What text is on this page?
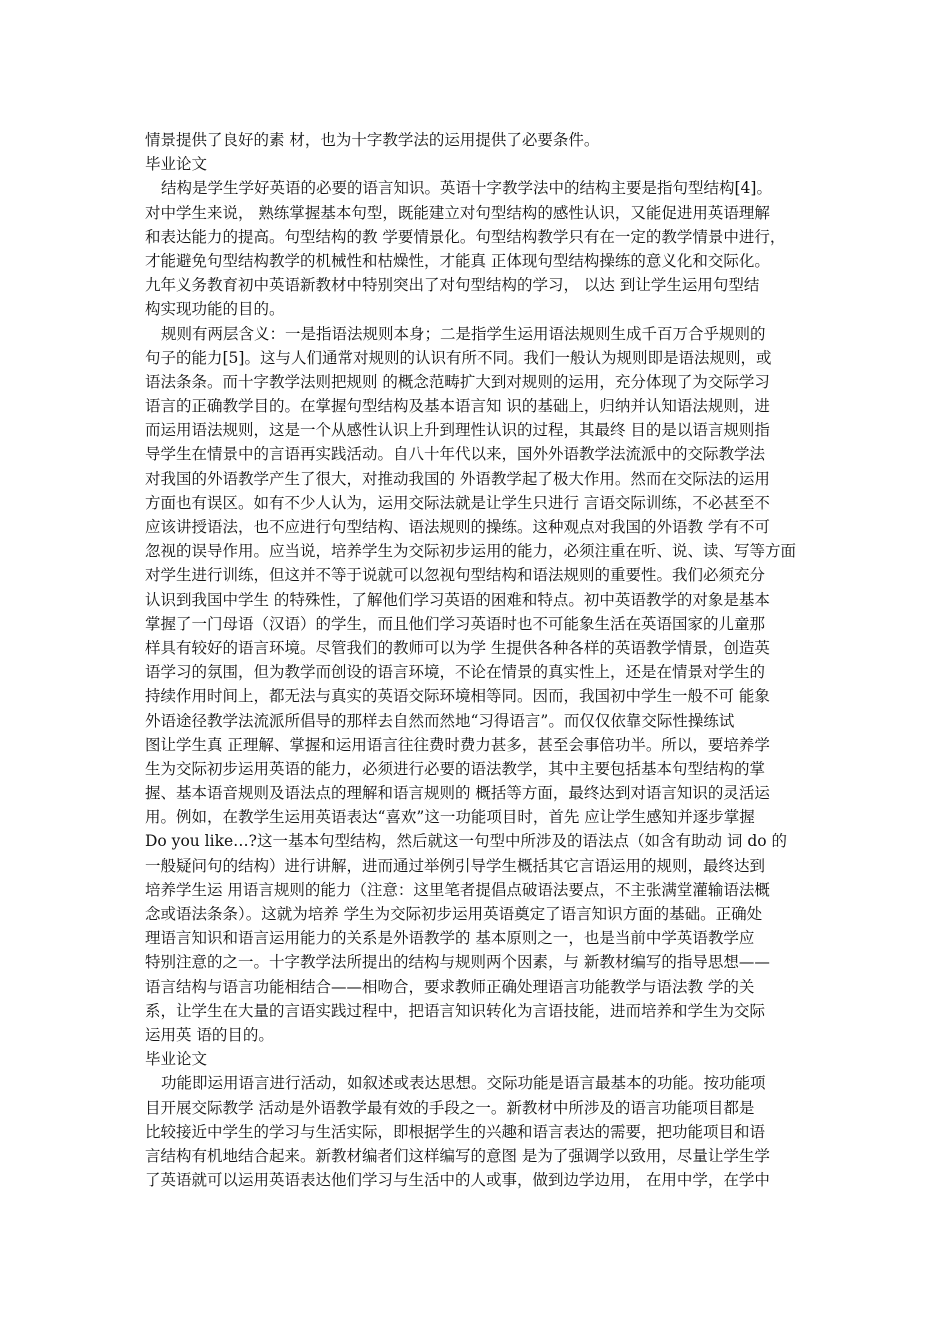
情景提供了良好的素 材，也为十字教学法的运用提供了必要条件。
毕业论文
结构是学生学好英语的必要的语言知识。英语十字教学法中的结构主要是指句型结构[4]。
对中学生来说， 熟练掌握基本句型，既能建立对句型结构的感性认识，又能促进用英语理解
和表达能力的提高。句型结构的教 学要情景化。句型结构教学只有在一定的教学情景中进行，
才能避免句型结构教学的机械性和枯燥性，才能真 正体现句型结构操练的意义化和交际化。
九年义务教育初中英语新教材中特别突出了对句型结构的学习， 以达 到让学生运用句型结
构实现功能的目的。
规则有两层含义：一是指语法规则本身；二是指学生运用语法规则生成千百万合乎规则的
句子的能力[5]。这与人们通常对规则的认识有所不同。我们一般认为规则即是语法规则，或
语法条条。而十字教学法则把规则 的概念范畴扩大到对规则的运用，充分体现了为交际学习
语言的正确教学目的。在掌握句型结构及基本语言知 识的基础上，归纳并认知语法规则，进
而运用语法规则，这是一个从感性认识上升到理性认识的过程，其最终 目的是以语言规则指
导学生在情景中的言语再实践活动。自八十年代以来，国外外语教学法流派中的交际教学法
对我国的外语教学产生了很大，对推动我国的 外语教学起了极大作用。然而在交际法的运用
方面也有误区。如有不少人认为，运用交际法就是让学生只进行 言语交际训练，不必甚至不
应该讲授语法，也不应进行句型结构、语法规则的操练。这种观点对我国的外语教 学有不可
忽视的误导作用。应当说，培养学生为交际初步运用的能力，必须注重在听、说、读、写等方面
对学生进行训练，但这并不等于说就可以忽视句型结构和语法规则的重要性。我们必须充分
认识到我国中学生 的特殊性，了解他们学习英语的困难和特点。初中英语教学的对象是基本
掌握了一门母语（汉语）的学生，而且他们学习英语时也不可能象生活在英语国家的儿童那
样具有较好的语言环境。尽管我们的教师可以为学 生提供各种各样的英语教学情景，创造英
语学习的氛围，但为教学而创设的语言环境，不论在情景的真实性上，还是在情景对学生的
持续作用时间上，都无法与真实的英语交际环境相等同。因而，我国初中学生一般不可 能象
外语途径教学法流派所倡导的那样去自然而然地“习得语言”。而仅仅依靠交际性操练试
图让学生真 正理解、掌握和运用语言往往费时费力甚多，甚至会事倍功半。所以，要培养学
生为交际初步运用英语的能力，必须进行必要的语法教学，其中主要包括基本句型结构的掌
握、基本语音规则及语法点的理解和语言规则的 概括等方面，最终达到对语言知识的灵活运
用。例如，在教学生运用英语表达“喜欢”这一功能项目时，首先 应让学生感知并逐步掌握
Do you like…?这一基本句型结构，然后就这一句型中所涉及的语法点（如含有助动 词 do 的
一般疑问句的结构）进行讲解，进而通过举例引导学生概括其它言语运用的规则，最终达到
培养学生运 用语言规则的能力（注意：这里笔者提倡点破语法要点，不主张满堂灌输语法概
念或语法条条）。这就为培养 学生为交际初步运用英语奠定了语言知识方面的基础。正确处
理语言知识和语言运用能力的关系是外语教学的 基本原则之一，也是当前中学英语教学应
特别注意的之一。十字教学法所提出的结构与规则两个因素，与 新教材编写的指导思想——
语言结构与语言功能相结合——相吻合，要求教师正确处理语言功能教学与语法教 学的关
系，让学生在大量的言语实践过程中，把语言知识转化为言语技能，进而培养和学生为交际
运用英 语的目的。
毕业论文
功能即运用语言进行活动，如叙述或表达思想。交际功能是语言最基本的功能。按功能项
目开展交际教学 活动是外语教学最有效的手段之一。新教材中所涉及的语言功能项目都是
比较接近中学生的学习与生活实际，即根据学生的兴趣和语言表达的需要，把功能项目和语
言结构有机地结合起来。新教材编者们这样编写的意图 是为了强调学以致用，尽量让学生学
了英语就可以运用英语表达他们学习与生活中的人或事，做到边学边用， 在用中学，在学中
